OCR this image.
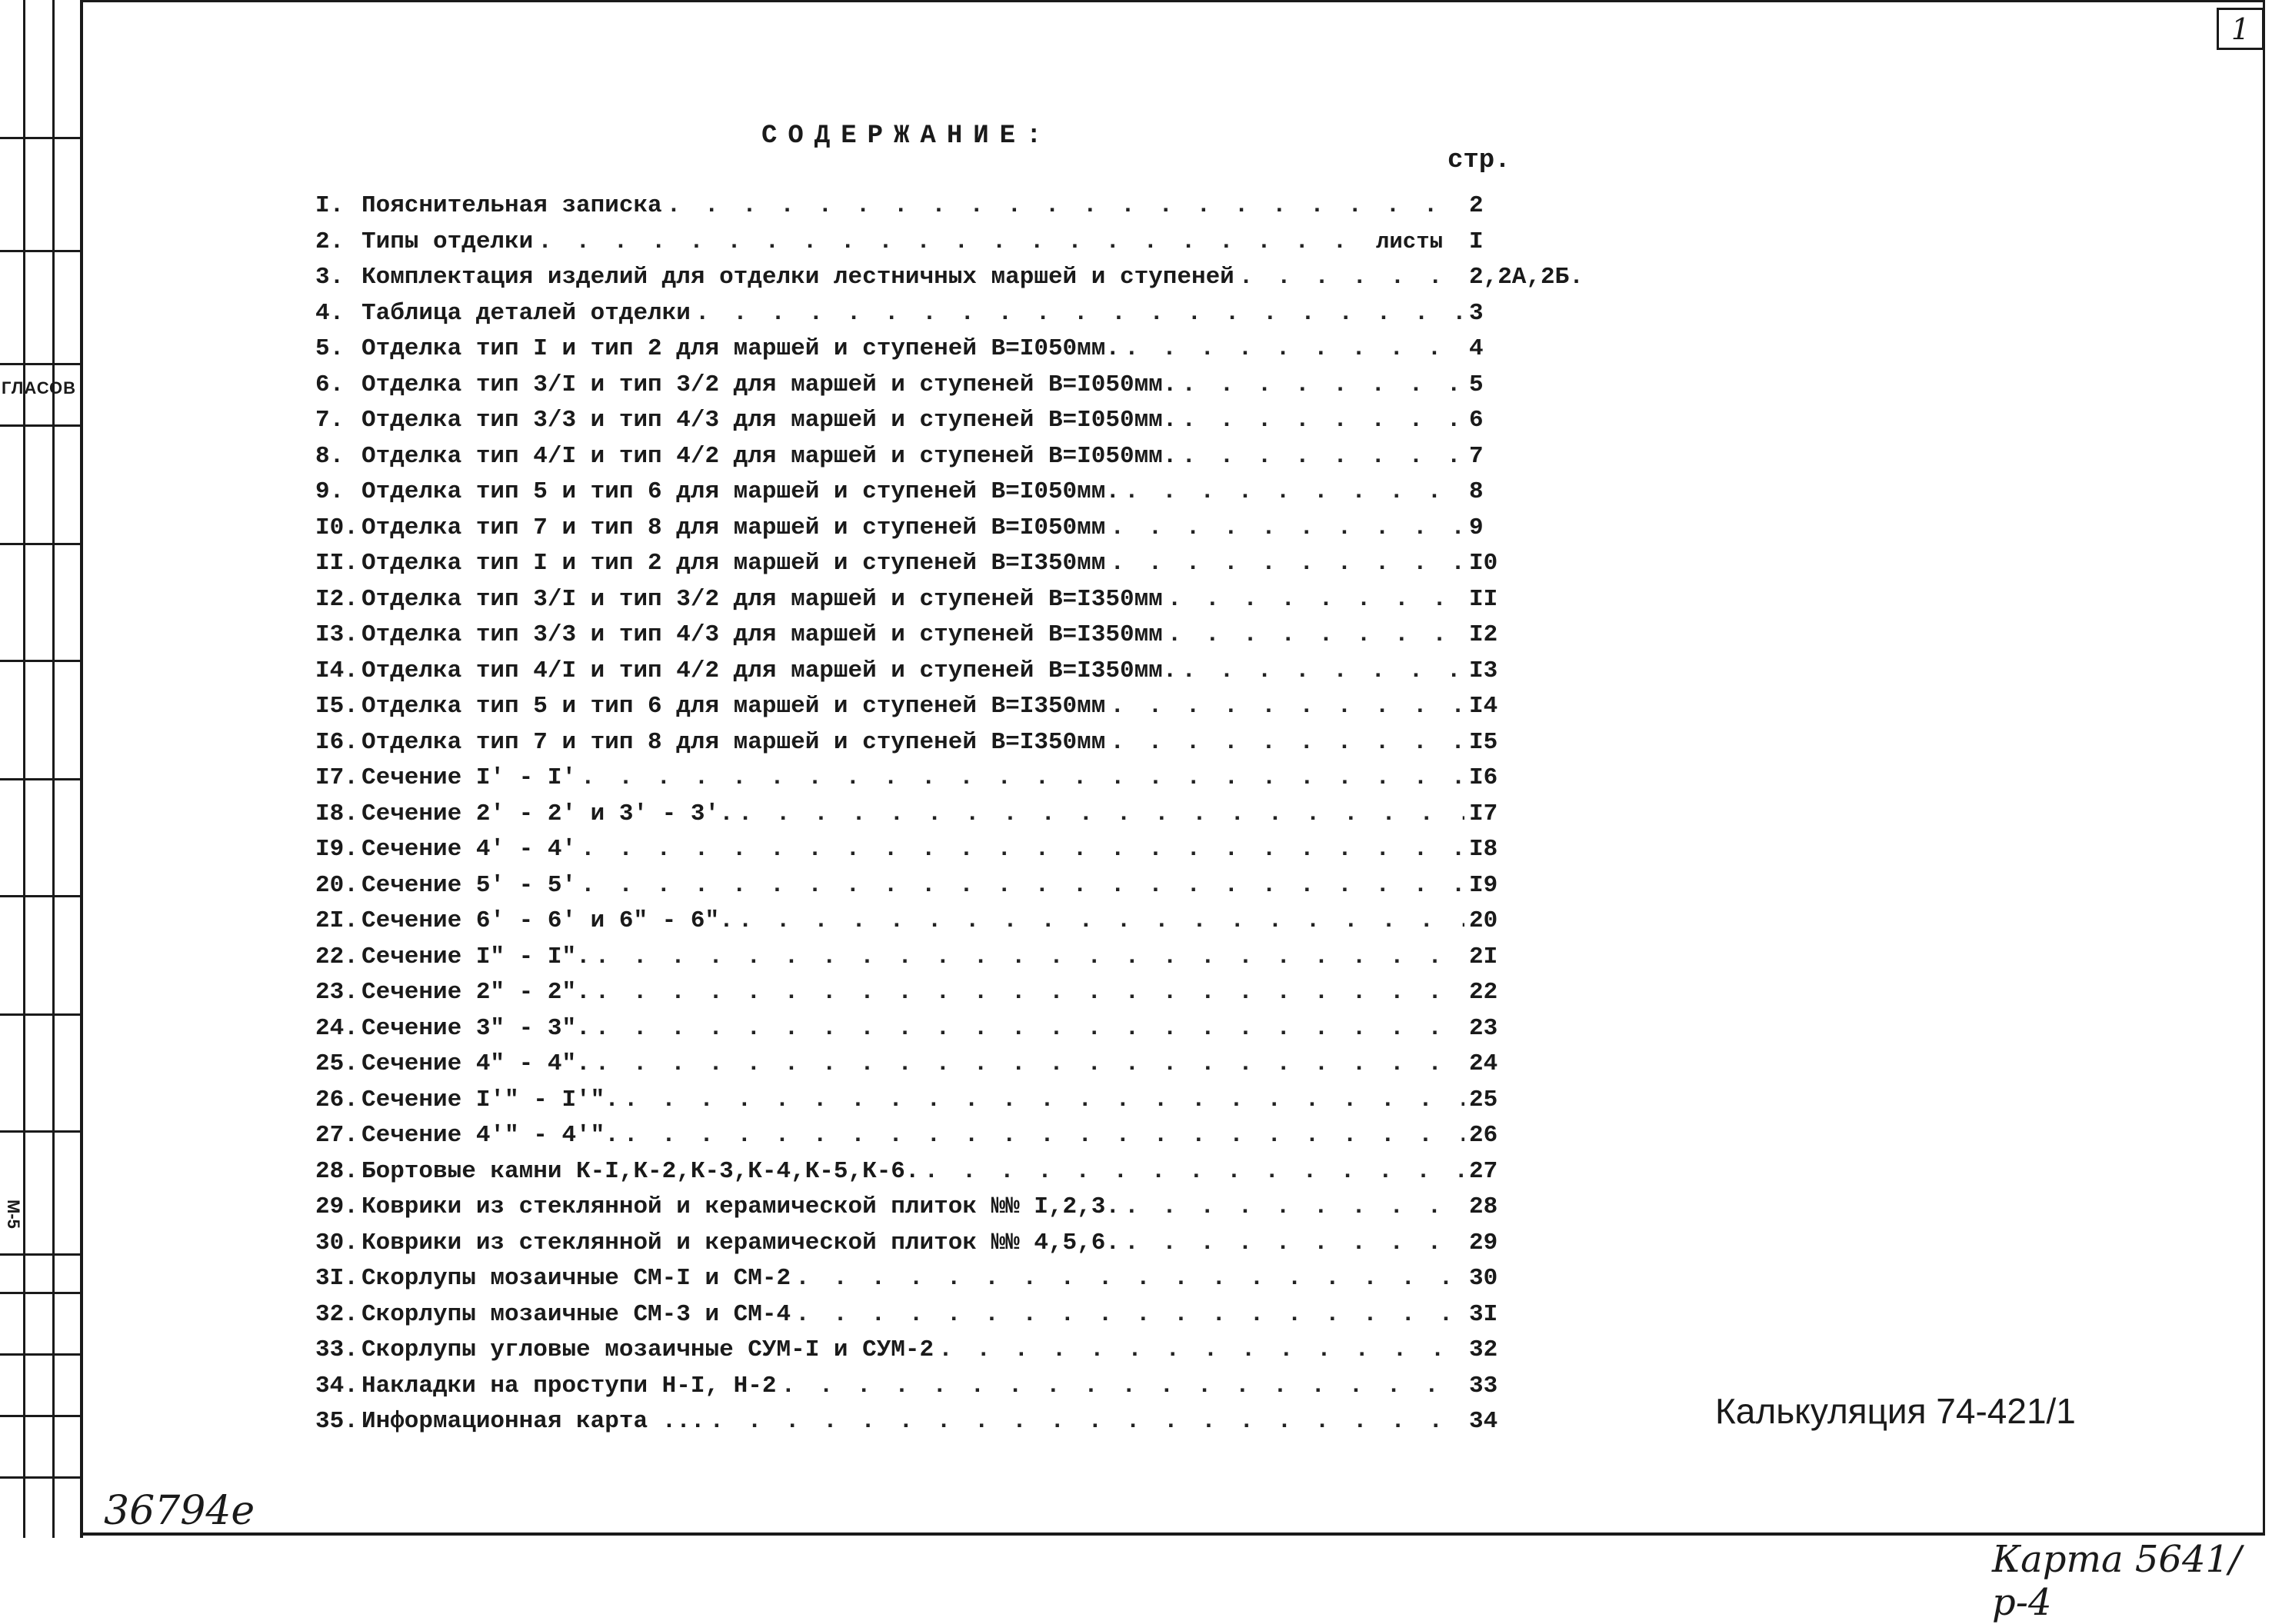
ГЛАСОВ
М-5
1
СОДЕРЖАНИЕ:
стр.
I. Пояснительная записка . . .	2
2. Типы отделки . . .	листы I
3. Комплектация изделий для отделки лестничных маршей и ступеней . . .	2,2А,2Б.
4. Таблица деталей отделки . . .	3
5. Отделка тип I и тип 2 для маршей и ступеней В=I050мм. . . .	4
6. Отделка тип 3/I и тип 3/2 для маршей и ступеней В=I050мм. . . .	5
7. Отделка тип 3/3 и тип 4/3 для маршей и ступеней В=I050мм. . . .	6
8. Отделка тип 4/I и тип 4/2 для маршей и ступеней В=I050мм. . . .	7
9. Отделка тип 5 и тип 6 для маршей и ступеней В=I050мм. . . .	8
I0. Отделка тип 7 и тип 8 для маршей и ступеней В=I050мм . . .	9
II. Отделка тип I и тип 2 для маршей и ступеней В=I350мм . . .	I0
I2. Отделка тип 3/I и тип 3/2 для маршей и ступеней В=I350мм . . .	II
I3. Отделка тип 3/3 и тип 4/3 для маршей и ступеней В=I350мм . . .	I2
I4. Отделка тип 4/I и тип 4/2 для маршей и ступеней В=I350мм. . . .	I3
I5. Отделка тип 5 и тип 6 для маршей и ступеней В=I350мм . . .	I4
I6. Отделка тип 7 и тип 8 для маршей и ступеней В=I350мм . . .	I5
I7. Сечение I' - I' . . .	I6
I8. Сечение 2' - 2' и 3' - 3'. . . .	I7
I9. Сечение 4' - 4' . . .	I8
20. Сечение 5' - 5' . . .	I9
2I. Сечение 6' - 6' и 6" - 6". . . .	20
22. Сечение I" - I". . . .	2I
23. Сечение 2" - 2". . . .	22
24. Сечение 3" - 3". . . .	23
25. Сечение 4" - 4". . . .	24
26. Сечение I'" - I'". . . .	25
27. Сечение 4'" - 4'". . . .	26
28. Бортовые камни К-I,К-2,К-3,К-4,К-5,К-6. . . .	27
29. Коврики из стеклянной и керамической плиток №№ I,2,3. . . .	28
30. Коврики из стеклянной и керамической плиток №№ 4,5,6. . . .	29
3I. Скорлупы мозаичные СМ-I и СМ-2 . . .	30
32. Скорлупы мозаичные СМ-3 и СМ-4 . . .	3I
33. Скорлупы угловые мозаичные СУМ-I и СУМ-2 . . .	32
34. Накладки на проступи Н-I, Н-2 . . .	33
35. Информационная карта ... . . .	34	Калькуляция 74-421/1
36794е
Карта 5641/р-4
